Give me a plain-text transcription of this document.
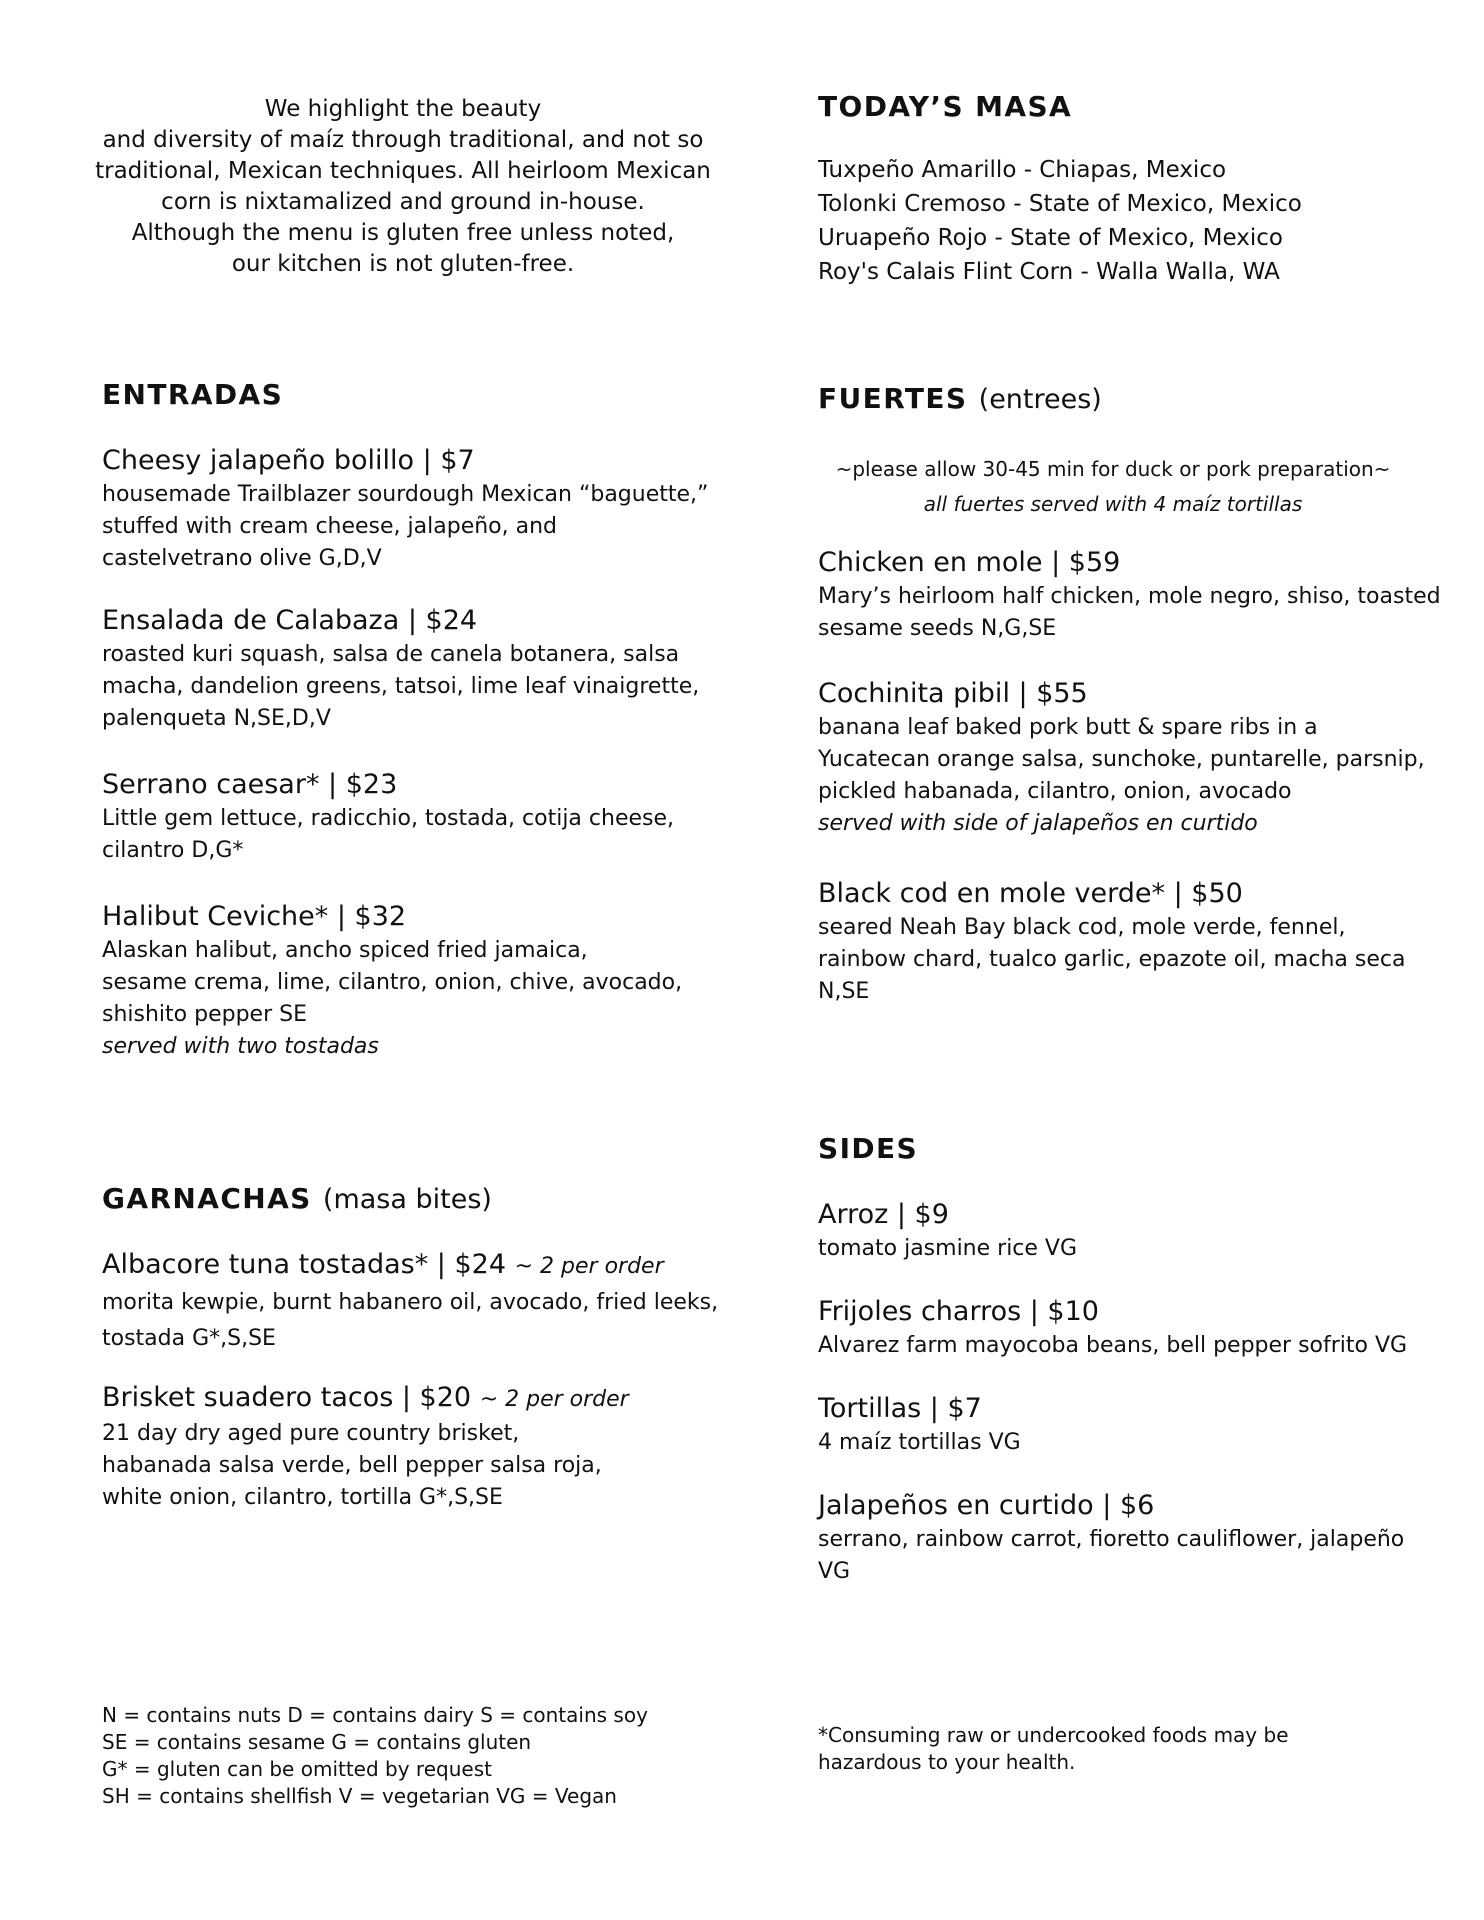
We highlight the beauty
and diversity of maíz through traditional, and not so
traditional, Mexican techniques. All heirloom Mexican
corn is nixtamalized and ground in-house.
Although the menu is gluten free unless noted,
our kitchen is not gluten-free.
TODAY’S MASA
Tuxpeño Amarillo - Chiapas, Mexico
Tolonki Cremoso - State of Mexico, Mexico
Uruapeño Rojo - State of Mexico, Mexico
Roy's Calais Flint Corn - Walla Walla, WA
ENTRADAS
Cheesy jalapeño bolillo | $7
housemade Trailblazer sourdough Mexican “baguette,”
stuffed with cream cheese, jalapeño, and
castelvetrano olive G,D,V
Ensalada de Calabaza | $24
roasted kuri squash, salsa de canela botanera, salsa
macha, dandelion greens, tatsoi, lime leaf vinaigrette,
palenqueta N,SE,D,V
Serrano caesar* | $23
Little gem lettuce, radicchio, tostada, cotija cheese,
cilantro D,G*
Halibut Ceviche* | $32
Alaskan halibut, ancho spiced fried jamaica,
sesame crema, lime, cilantro, onion, chive, avocado,
shishito pepper SE
served with two tostadas
FUERTES (entrees)
~please allow 30-45 min for duck or pork preparation~
all fuertes served with 4 maíz tortillas
Chicken en mole | $59
Mary’s heirloom half chicken, mole negro, shiso, toasted
sesame seeds N,G,SE
Cochinita pibil | $55
banana leaf baked pork butt & spare ribs in a
Yucatecan orange salsa, sunchoke, puntarelle, parsnip,
pickled habanada, cilantro, onion, avocado
served with side of jalapeños en curtido
Black cod en mole verde* | $50
seared Neah Bay black cod, mole verde, fennel,
rainbow chard, tualco garlic, epazote oil, macha seca
N,SE
GARNACHAS (masa bites)
Albacore tuna tostadas* | $24 ~ 2 per order
morita kewpie, burnt habanero oil, avocado, fried leeks,
tostada G*,S,SE
Brisket suadero tacos | $20 ~ 2 per order
21 day dry aged pure country brisket,
habanada salsa verde, bell pepper salsa roja,
white onion, cilantro, tortilla G*,S,SE
SIDES
Arroz | $9
tomato jasmine rice VG
Frijoles charros | $10
Alvarez farm mayocoba beans, bell pepper sofrito VG
Tortillas | $7
4 maíz tortillas VG
Jalapeños en curtido | $6
serrano, rainbow carrot, fioretto cauliflower, jalapeño
VG
N = contains nuts D = contains dairy S = contains soy
SE = contains sesame G = contains gluten
G* = gluten can be omitted by request
SH = contains shellfish V = vegetarian VG = Vegan
*Consuming raw or undercooked foods may be
hazardous to your health.
